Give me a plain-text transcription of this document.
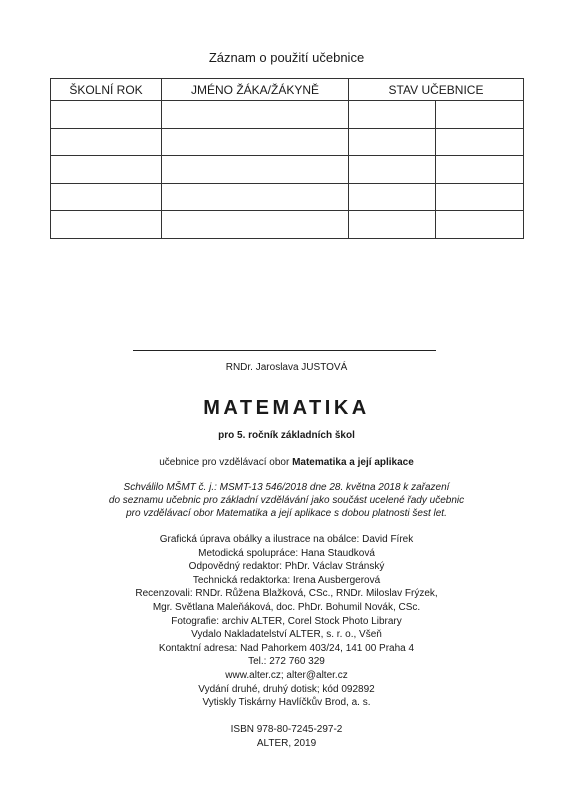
Záznam o použití učebnice
ŠKOLNÍ ROK	JMÉNO ŽÁKA/ŽÁKYNĚ	STAV UČEBNICE	

RNDr. Jaroslava JUSTOVÁ
MATEMATIKA
pro 5. ročník základních škol
učebnice pro vzdělávací obor Matematika a její aplikace
Schválilo MŠMT č. j.: MSMT-13 546/2018 dne 28. května 2018 k zařazení
do seznamu učebnic pro základní vzdělávání jako součást ucelené řady učebnic
pro vzdělávací obor Matematika a její aplikace s dobou platnosti šest let.
Grafická úprava obálky a ilustrace na obálce: David Fírek
Metodická spolupráce: Hana Staudková
Odpovědný redaktor: PhDr. Václav Stránský
Technická redaktorka: Irena Ausbergerová
Recenzovali: RNDr. Růžena Blažková, CSc., RNDr. Miloslav Frýzek,
Mgr. Světlana Maleňáková, doc. PhDr. Bohumil Novák, CSc.
Fotografie: archiv ALTER, Corel Stock Photo Library
Vydalo Nakladatelství ALTER, s. r. o., Všeň
Kontaktní adresa: Nad Pahorkem 403/24, 141 00 Praha 4
Tel.: 272 760 329
www.alter.cz; alter@alter.cz
Vydání druhé, druhý dotisk; kód 092892
Vytiskly Tiskárny Havlíčkův Brod, a. s.
ISBN 978-80-7245-297-2
ALTER, 2019
